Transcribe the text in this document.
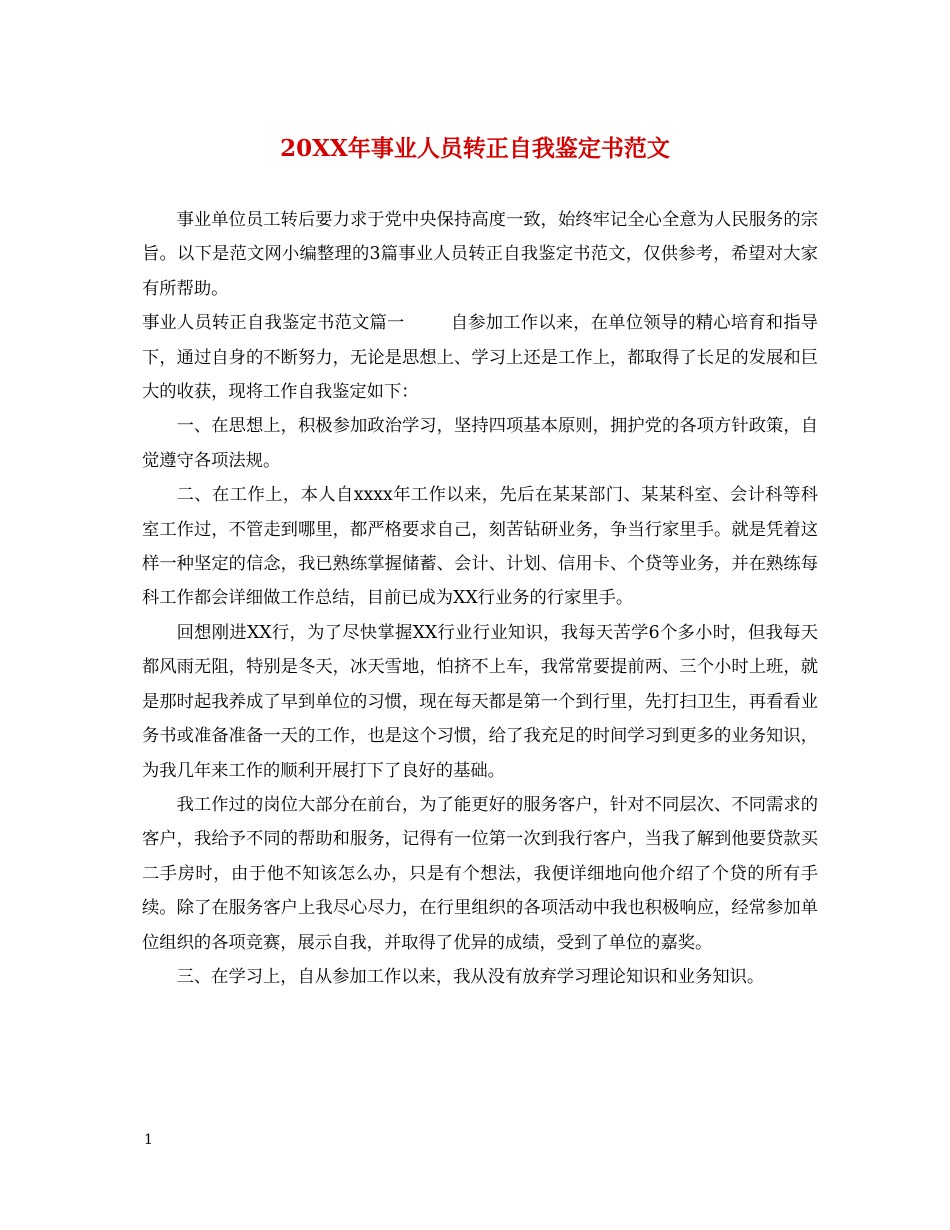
20XX年事业人员转正自我鉴定书范文

事业单位员工转后要力求于党中央保持高度一致，始终牢记全心全意为人民服务的宗旨。以下是范文网小编整理的3篇事业人员转正自我鉴定书范文，仅供参考，希望对大家有所帮助。

事业人员转正自我鉴定书范文篇一	自参加工作以来，在单位领导的精心培育和指导下，通过自身的不断努力，无论是思想上、学习上还是工作上，都取得了长足的发展和巨大的收获，现将工作自我鉴定如下：

一、在思想上，积极参加政治学习，坚持四项基本原则，拥护党的各项方针政策，自觉遵守各项法规。

二、在工作上，本人自xxxx年工作以来，先后在某某部门、某某科室、会计科等科室工作过，不管走到哪里，都严格要求自己，刻苦钻研业务，争当行家里手。就是凭着这样一种坚定的信念，我已熟练掌握储蓄、会计、计划、信用卡、个贷等业务，并在熟练每科工作都会详细做工作总结，目前已成为XX行业务的行家里手。

回想刚进XX行，为了尽快掌握XX行业行业知识，我每天苦学6个多小时，但我每天都风雨无阻，特别是冬天，冰天雪地，怕挤不上车，我常常要提前两、三个小时上班，就是那时起我养成了早到单位的习惯，现在每天都是第一个到行里，先打扫卫生，再看看业务书或准备准备一天的工作，也是这个习惯，给了我充足的时间学习到更多的业务知识，为我几年来工作的顺利开展打下了良好的基础。

我工作过的岗位大部分在前台，为了能更好的服务客户，针对不同层次、不同需求的客户，我给予不同的帮助和服务，记得有一位第一次到我行客户，当我了解到他要贷款买二手房时，由于他不知该怎么办，只是有个想法，我便详细地向他介绍了个贷的所有手续。除了在服务客户上我尽心尽力，在行里组织的各项活动中我也积极响应，经常参加单位组织的各项竞赛，展示自我，并取得了优异的成绩，受到了单位的嘉奖。

三、在学习上，自从参加工作以来，我从没有放弃学习理论知识和业务知识。

1
